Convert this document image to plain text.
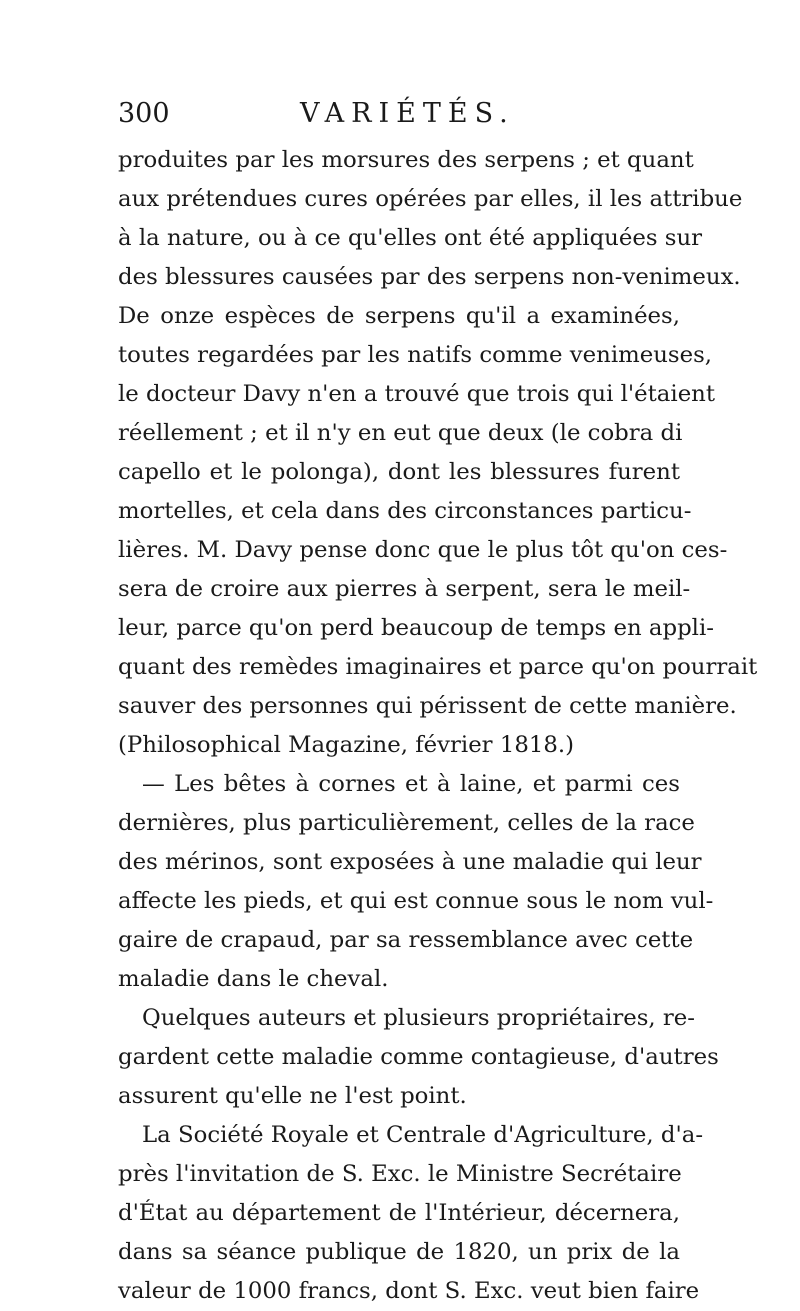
300	VARIÉTÉS.
produites par les morsures des serpens ; et quant
aux prétendues cures opérées par elles, il les attribue
à la nature, ou à ce qu'elles ont été appliquées sur
des blessures causées par des serpens non-venimeux.
De onze espèces de serpens qu'il a examinées,
toutes regardées par les natifs comme venimeuses,
le docteur Davy n'en a trouvé que trois qui l'étaient
réellement ; et il n'y en eut que deux (le cobra di
capello et le polonga), dont les blessures furent
mortelles, et cela dans des circonstances particu-
lières. M. Davy pense donc que le plus tôt qu'on ces-
sera de croire aux pierres à serpent, sera le meil-
leur, parce qu'on perd beaucoup de temps en appli-
quant des remèdes imaginaires et parce qu'on pourrait
sauver des personnes qui périssent de cette manière.
(Philosophical Magazine, février 1818.)
— Les bêtes à cornes et à laine, et parmi ces
dernières, plus particulièrement, celles de la race
des mérinos, sont exposées à une maladie qui leur
affecte les pieds, et qui est connue sous le nom vul-
gaire de crapaud, par sa ressemblance avec cette
maladie dans le cheval.
Quelques auteurs et plusieurs propriétaires, re-
gardent cette maladie comme contagieuse, d'autres
assurent qu'elle ne l'est point.
La Société Royale et Centrale d'Agriculture, d'a-
près l'invitation de S. Exc. le Ministre Secrétaire
d'État au département de l'Intérieur, décernera,
dans sa séance publique de 1820, un prix de la
valeur de 1000 francs, dont S. Exc. veut bien faire
